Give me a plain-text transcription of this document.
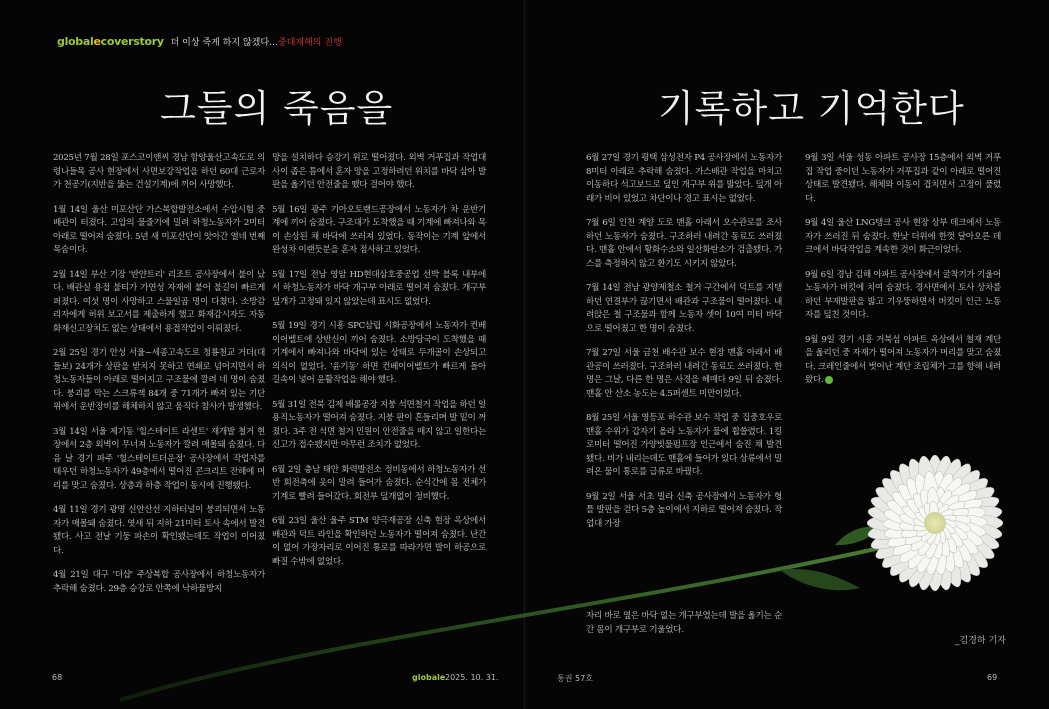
globalecoverstory 더 이상 죽게 하지 않겠다…중대재해의 진행
그들의 죽음을	기록하고 기억한다

2025년 7월 28일 포스코이앤씨 경남 함양울산고속도로 의령나들목 공사 현장에서 사면보강작업을 하던 60대 근로자가 천공기(지반을 뚫는 건설기계)에 끼어 사망했다.

1월 14일 울산 미포산단 가스복합발전소에서 수압시험 중 배관이 터졌다. 고압의 물줄기에 밀려 하청노동자가 2미터 아래로 떨어져 숨졌다. 5년 새 미포산단이 앗아간 열네 번째 목숨이다.

2월 14일 부산 기장 '반얀트리' 리조트 공사장에서 불이 났다. 배관실 용접 불티가 가연성 자재에 붙어 불길이 빠르게 퍼졌다. 여섯 명이 사망하고 스물일곱 명이 다쳤다. 소방감리자에게 허위 보고서를 제출하게 했고 화재감시자도 자동화재신고장치도 없는 상태에서 용접작업이 이뤄졌다.

2월 25일 경기 안성 서울~세종고속도로 청룡천교 거더(대들보) 24개가 상판을 받치지 못하고 연쇄로 넘어지면서 하청노동자들이 아래로 떨어지고 구조물에 깔려 네 명이 숨졌다. 붕괴를 막는 스크류잭 84개 중 71개가 빠져 있는 기단 위에서 운반장비를 해체하지 않고 움직다 참사가 발생했다.

3월 14일 서울 제기동 '힐스테이트 라센트' 재개발 철거 현장에서 2층 외벽이 무너져 노동자가 깔려 매몰돼 숨졌다. 다음 날 경기 파주 '힐스테이트더운정' 공사장에서 작업자를 태우던 하청노동자가 49층에서 떨어진 콘크리트 잔해에 머리를 맞고 숨졌다. 상층과 하층 작업이 동시에 진행됐다.

4월 11일 경기 광명 신안산선 지하터널이 붕괴되면서 노동자가 매몰돼 숨졌다. 엿새 뒤 지하 21미터 토사 속에서 발견됐다. 사고 전날 기둥 파손이 확인됐는데도 작업이 이어졌다.

4월 21일 대구 '더샵' 주상복합 공사장에서 하청노동자가 추락해 숨졌다. 29층 승강로 안쪽에 낙하물방지

망을 설치하다 승강기 위로 떨어졌다. 외벽 거푸집과 작업대 사이 좁은 틈에서 혼자 망을 고정하려던 위치를 바닥 삼아 발판을 옮기던 안전줄을 뗐다 걸어야 했다.

5월 16일 광주 기아오토랜드공장에서 노동자가 차 운반기계에 끼어 숨졌다. 구조대가 도착했을 때 기계에 빠져나와 목이 손상된 채 바닥에 쓰러져 있었다. 동작이는 기계 앞에서 완성차 이랜듯분을 혼자 점사하고 있었다.

5월 17일 전남 영암 HD현대삼호중공업 선박 블록 내부에서 하청노동자가 바닥 개구부 아래로 떨어져 숨졌다. 개구부 덮개가 고정돼 있지 않았는데 표시도 없었다.

5월 19일 경기 시흥 SPC삼립 시화공장에서 노동자가 컨베이어벨트에 상반신이 끼어 숨졌다. 소방당국이 도착했을 때 기계에서 빠져나와 바닥에 있는 상태로 두개골이 손상되고 의식이 없었다. '윤기동' 하면 컨베이어벨트가 빠르게 돌아 길속이 넣어 윤활작업을 해야 했다.

5월 31일 전북 김제 배롤공장 지붕 석면철거 작업을 하던 일용직노동자가 떨어져 숨졌다. 지붕 판이 흔들리며 발 밑이 꺼졌다. 3주 전 석면 철거 민원이 안전줄을 매지 않고 일한다는 신고가 접수됐지만 아무런 조치가 없었다.

6월 2일 충남 태안 화력발전소 정비동에서 하청노동자가 선반 회전축에 옷이 말려 들어가 숨졌다. 순식간에 몸 전체가 기계로 빨려 들어갔다. 회전부 덮개없이 정비했다.

6월 23일 울산 울주 STM 양극재공장 신축 현장 옥상에서 배관과 덕트 라인을 확인하던 노동자가 떨어져 숨졌다. 난간이 없어 가장자리로 이어진 통로를 따라가면 발이 하공으로 빠질 수밖에 없었다.

6월 27일 경기 평택 삼성전자 P4 공사장에서 노동자가 8미터 아래로 추락해 숨졌다. 가스배관 작업을 마치고 이동하다 석고보드로 덮인 개구부 위를 밟았다. 덮개 아래가 비어 있었고 차단이나 경고 표시는 없었다.

7월 6일 인천 계양 도로 맨홀 아래서 오수관로를 조사하던 노동자가 숨졌다. 구조하러 내려간 동료도 쓰러졌다. 맨홀 안에서 황화수소와 일산화탄소가 검출됐다. 가스를 측정하지 않고 환기도 시키지 않았다.

7월 14일 전남 광양제철소 철거 구간에서 덕트를 지탱하던 연결부가 끊기면서 배관과 구조물이 떨어졌다. 내려앉은 철 구조물과 함께 노동자 셋이 10여 미터 바닥으로 떨어졌고 한 명이 숨졌다.

7월 27일 서울 금천 배수관 보수 현장 맨홀 아래서 배관공이 쓰러졌다. 구조하러 내려간 동료도 쓰러졌다. 한 명은 그날, 다른 한 명은 사경을 헤매다 9일 뒤 숨졌다. 맨홀 안 산소 농도는 4.5퍼센트 미만이었다.

8월 25일 서울 영등포 하수관 보수 작업 중 집중호우로 맨홀 수위가 갑자기 올라 노동자가 물에 휩쓸렸다. 1킬로미터 떨어진 가양빗물펌프장 인근에서 숨진 채 발견됐다. 비가 내리는데도 맨홀에 들어가 있다 상류에서 밀려온 물이 통로를 급류로 바꿨다.

9월 2일 서울 서초 빌라 신축 공사장에서 노동자가 형틀 발판을 걷다 5층 높이에서 지하로 떨어져 숨졌다. 작업대 가장

자리 바로 옆은 바닥 없는 개구부였는데 발을 옮기는 순간 몸이 개구부로 기울었다.

9월 3일 서울 성동 아파트 공사장 15층에서 외벽 거푸집 작업 중이던 노동자가 거푸집과 같이 아래로 떨어진 상태로 발견됐다. 해체와 이동이 겹치면서 고정이 풀렸다.

9월 4일 울산 LNG탱크 공사 현장 상부 데크에서 노동자가 쓰러진 뒤 숨졌다. 한낮 더위에 한껏 달아오른 데크에서 바닥작업을 계속한 것이 화근이었다.

9월 6일 경남 김해 아파트 공사장에서 굴착기가 기울어 노동자가 버킷에 치여 숨졌다. 경사면에서 토사 상차를 하던 부재발판을 밟고 기우뚱하면서 버킷이 인근 노동자를 덮친 것이다.

9월 9일 경기 시흥 거북섬 아파트 옥상에서 철재 계단을 옮리던 중 자재가 떨어져 노동자가 머리를 맞고 숨졌다. 크레인줄에서 벗어난 계단 조립체가 그를 향해 내려왔다.

_김경하 기자
68	globale 2025. 10. 31.	통권 57호	69
